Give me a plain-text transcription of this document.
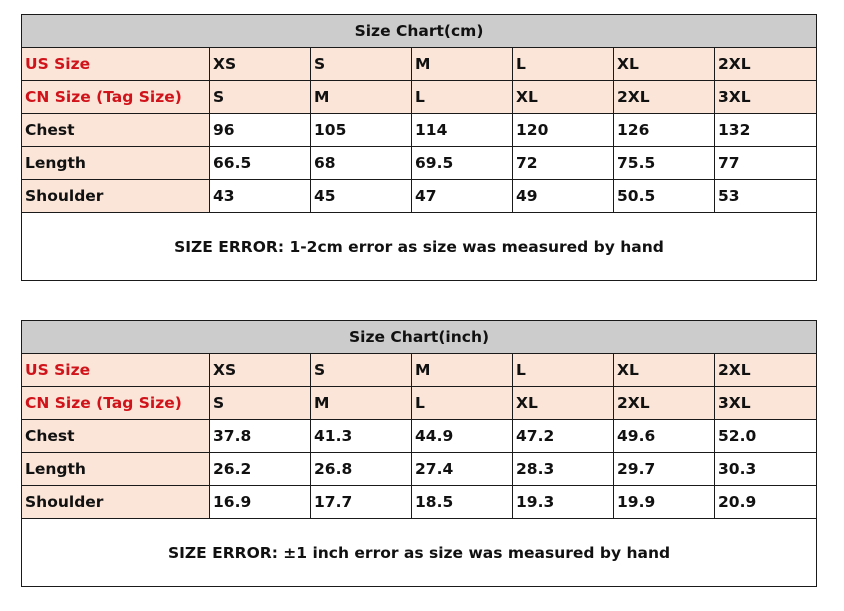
Size Chart(cm)						
US Size	XS	S	M	L	XL	2XL
CN Size (Tag Size)	S	M	L	XL	2XL	3XL
Chest	96	105	114	120	126	132
Length	66.5	68	69.5	72	75.5	77
Shoulder	43	45	47	49	50.5	53
SIZE ERROR: 1-2cm error as size was measured by hand						
Size Chart(inch)						
US Size	XS	S	M	L	XL	2XL
CN Size (Tag Size)	S	M	L	XL	2XL	3XL
Chest	37.8	41.3	44.9	47.2	49.6	52.0
Length	26.2	26.8	27.4	28.3	29.7	30.3
Shoulder	16.9	17.7	18.5	19.3	19.9	20.9
SIZE ERROR: ±1 inch error as size was measured by hand						
